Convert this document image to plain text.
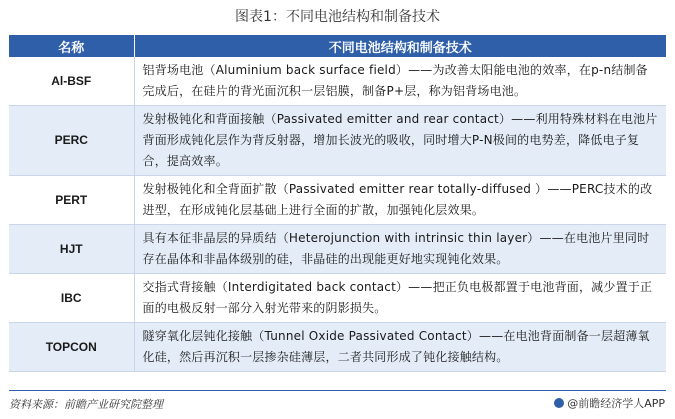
图表1：不同电池结构和制备技术
名称	不同电池结构和制备技术
Al-BSF	铝背场电池（Aluminium back surface field）——为改善太阳能电池的效率，在p-n结制备完成后，在硅片的背光面沉积一层铝膜，制备P+层，称为铝背场电池。
PERC	发射极钝化和背面接触（Passivated emitter and rear contact）——利用特殊材料在电池片背面形成钝化层作为背反射器，增加长波光的吸收，同时增大P-N极间的电势差，降低电子复合，提高效率。
PERT	发射极钝化和全背面扩散（Passivated emitter rear totally-diffused ）——PERC技术的改进型，在形成钝化层基础上进行全面的扩散，加强钝化层效果。
HJT	具有本征非晶层的异质结（Heterojunction with intrinsic thin layer）——在电池片里同时存在晶体和非晶体级别的硅，非晶硅的出现能更好地实现钝化效果。
IBC	交指式背接触（Interdigitated back contact）——把正负电极都置于电池背面，减少置于正面的电极反射一部分入射光带来的阴影损失。
TOPCON	隧穿氧化层钝化接触（Tunnel Oxide Passivated Contact）——在电池背面制备一层超薄氧化硅，然后再沉积一层掺杂硅薄层，二者共同形成了钝化接触结构。
资料来源：前瞻产业研究院整理	@前瞻经济学人APP
